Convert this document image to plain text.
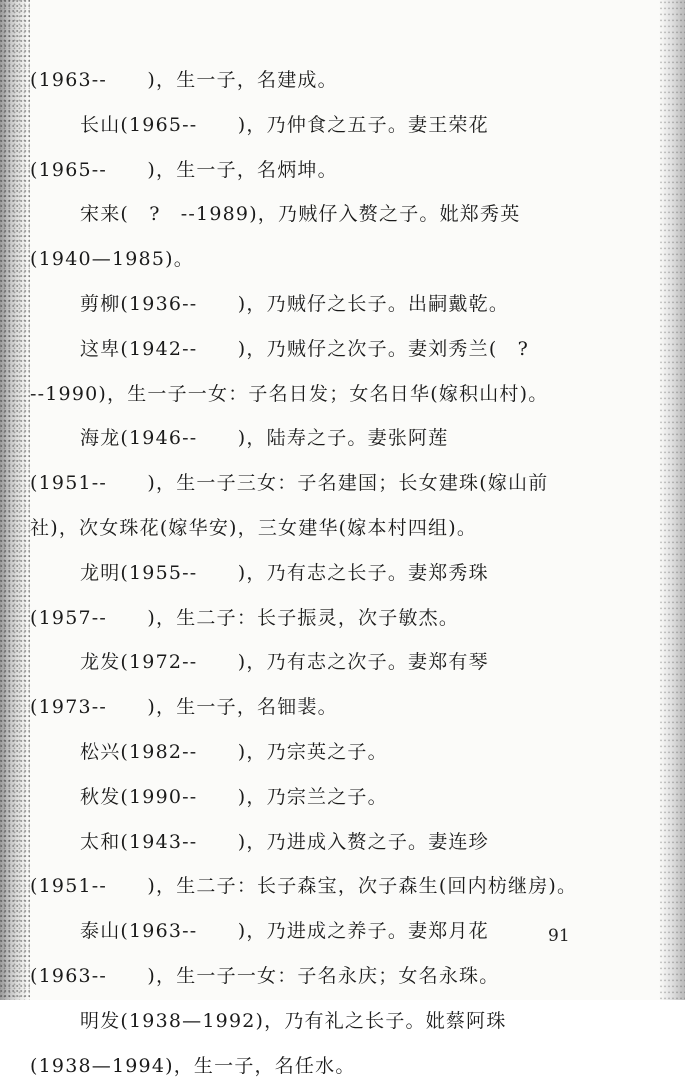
(1963--　　)，生一子，名建成。
长山(1965--　　)，乃仲食之五子。妻王荣花
(1965--　　)，生一子，名炳坤。
宋来(　?　--1989)，乃贼仔入赘之子。妣郑秀英
(1940—1985)。
剪柳(1936--　　)，乃贼仔之长子。出嗣戴乾。
这卑(1942--　　)，乃贼仔之次子。妻刘秀兰(　?
--1990)，生一子一女：子名日发；女名日华(嫁积山村)。
海龙(1946--　　)，陆寿之子。妻张阿莲
(1951--　　)，生一子三女：子名建国；长女建珠(嫁山前
社)，次女珠花(嫁华安)，三女建华(嫁本村四组)。
龙明(1955--　　)，乃有志之长子。妻郑秀珠
(1957--　　)，生二子：长子振灵，次子敏杰。
龙发(1972--　　)，乃有志之次子。妻郑有琴
(1973--　　)，生一子，名钿裴。
松兴(1982--　　)，乃宗英之子。
秋发(1990--　　)，乃宗兰之子。
太和(1943--　　)，乃进成入赘之子。妻连珍
(1951--　　)，生二子：长子森宝，次子森生(回内枋继房)。
泰山(1963--　　)，乃进成之养子。妻郑月花
(1963--　　)，生一子一女：子名永庆；女名永珠。
明发(1938—1992)，乃有礼之长子。妣蔡阿珠
(1938—1994)，生一子，名任水。
91
